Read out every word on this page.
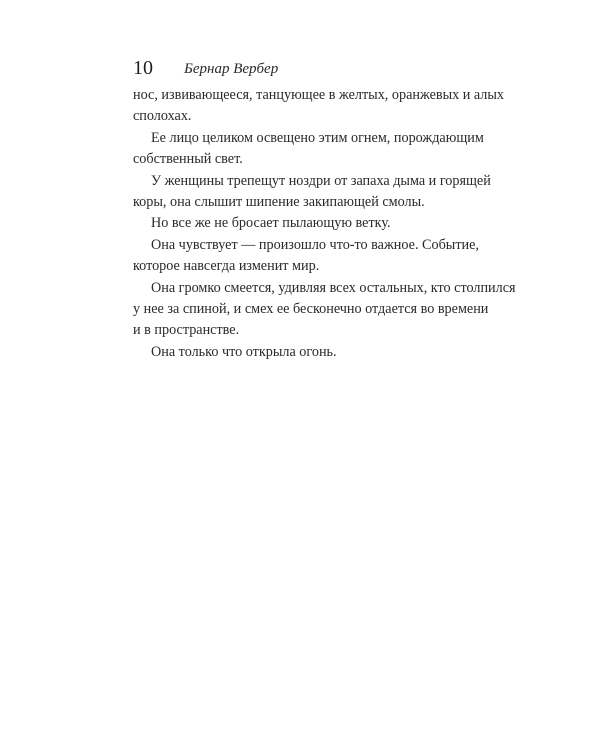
10 Бернар Вербер

нос, извивающееся, танцующее в желтых, оранжевых и алых

сполохах.

Ее лицо целиком освещено этим огнем, порождающим

собственный свет.

У женщины трепещут ноздри от запаха дыма и горящей

коры, она слышит шипение закипающей смолы.

Но все же не бросает пылающую ветку.

Она чувствует — произошло что-то важное. Событие,

которое навсегда изменит мир.

Она громко смеется, удивляя всех остальных, кто столпился

у нее за спиной, и смех ее бесконечно отдается во времени

и в пространстве.

Она только что открыла огонь.
